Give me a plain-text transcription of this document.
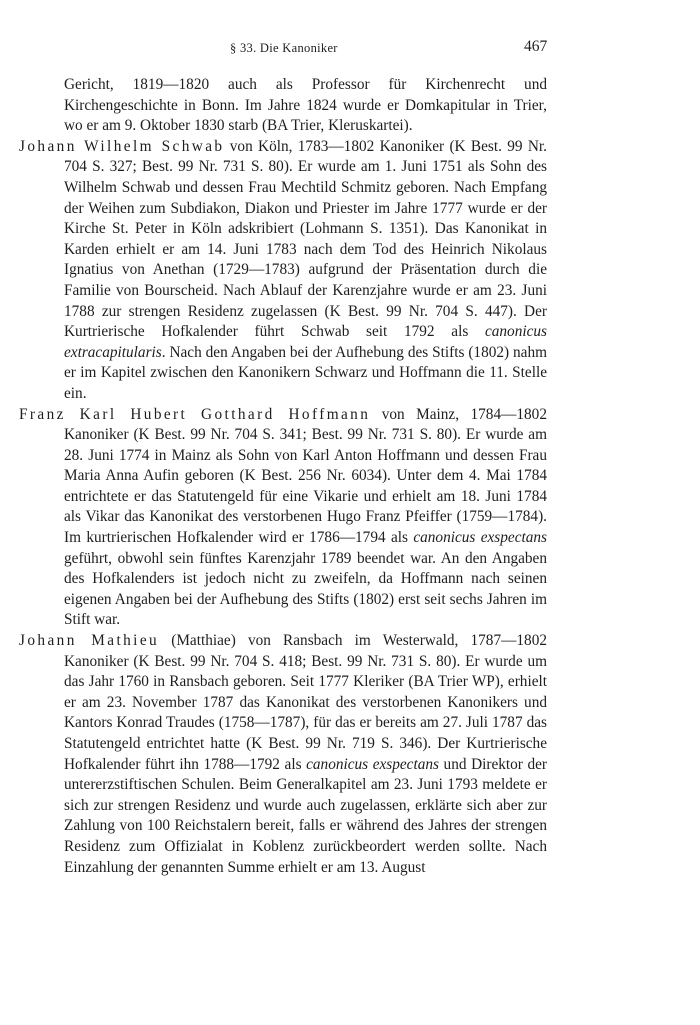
§ 33. Die Kanoniker	467

Gericht, 1819—1820 auch als Professor für Kirchenrecht und Kirchengeschichte in Bonn. Im Jahre 1824 wurde er Domkapitular in Trier, wo er am 9. Oktober 1830 starb (BA Trier, Kleruskartei).

Johann Wilhelm Schwab von Köln, 1783—1802 Kanoniker (K Best. 99 Nr. 704 S. 327; Best. 99 Nr. 731 S. 80). Er wurde am 1. Juni 1751 als Sohn des Wilhelm Schwab und dessen Frau Mechtild Schmitz geboren. Nach Empfang der Weihen zum Subdiakon, Diakon und Priester im Jahre 1777 wurde er der Kirche St. Peter in Köln adskribiert (Lohmann S. 1351). Das Kanonikat in Karden erhielt er am 14. Juni 1783 nach dem Tod des Heinrich Nikolaus Ignatius von Anethan (1729—1783) aufgrund der Präsentation durch die Familie von Bourscheid. Nach Ablauf der Karenzjahre wurde er am 23. Juni 1788 zur strengen Residenz zugelassen (K Best. 99 Nr. 704 S. 447). Der Kurtrierische Hofkalender führt Schwab seit 1792 als canonicus extracapitularis. Nach den Angaben bei der Aufhebung des Stifts (1802) nahm er im Kapitel zwischen den Kanonikern Schwarz und Hoffmann die 11. Stelle ein.

Franz Karl Hubert Gotthard Hoffmann von Mainz, 1784—1802 Kanoniker (K Best. 99 Nr. 704 S. 341; Best. 99 Nr. 731 S. 80). Er wurde am 28. Juni 1774 in Mainz als Sohn von Karl Anton Hoffmann und dessen Frau Maria Anna Aufin geboren (K Best. 256 Nr. 6034). Unter dem 4. Mai 1784 entrichtete er das Statutengeld für eine Vikarie und erhielt am 18. Juni 1784 als Vikar das Kanonikat des verstorbenen Hugo Franz Pfeiffer (1759—1784). Im kurtrierischen Hofkalender wird er 1786—1794 als canonicus exspectans geführt, obwohl sein fünftes Karenzjahr 1789 beendet war. An den Angaben des Hofkalenders ist jedoch nicht zu zweifeln, da Hoffmann nach seinen eigenen Angaben bei der Aufhebung des Stifts (1802) erst seit sechs Jahren im Stift war.

Johann Mathieu (Matthiae) von Ransbach im Westerwald, 1787—1802 Kanoniker (K Best. 99 Nr. 704 S. 418; Best. 99 Nr. 731 S. 80). Er wurde um das Jahr 1760 in Ransbach geboren. Seit 1777 Kleriker (BA Trier WP), erhielt er am 23. November 1787 das Kanonikat des verstorbenen Kanonikers und Kantors Konrad Traudes (1758—1787), für das er bereits am 27. Juli 1787 das Statutengeld entrichtet hatte (K Best. 99 Nr. 719 S. 346). Der Kurtrierische Hofkalender führt ihn 1788—1792 als canonicus exspectans und Direktor der untererzstiftischen Schulen. Beim Generalkapitel am 23. Juni 1793 meldete er sich zur strengen Residenz und wurde auch zugelassen, erklärte sich aber zur Zahlung von 100 Reichstalern bereit, falls er während des Jahres der strengen Residenz zum Offizialat in Koblenz zurückbeordert werden sollte. Nach Einzahlung der genannten Summe erhielt er am 13. August
